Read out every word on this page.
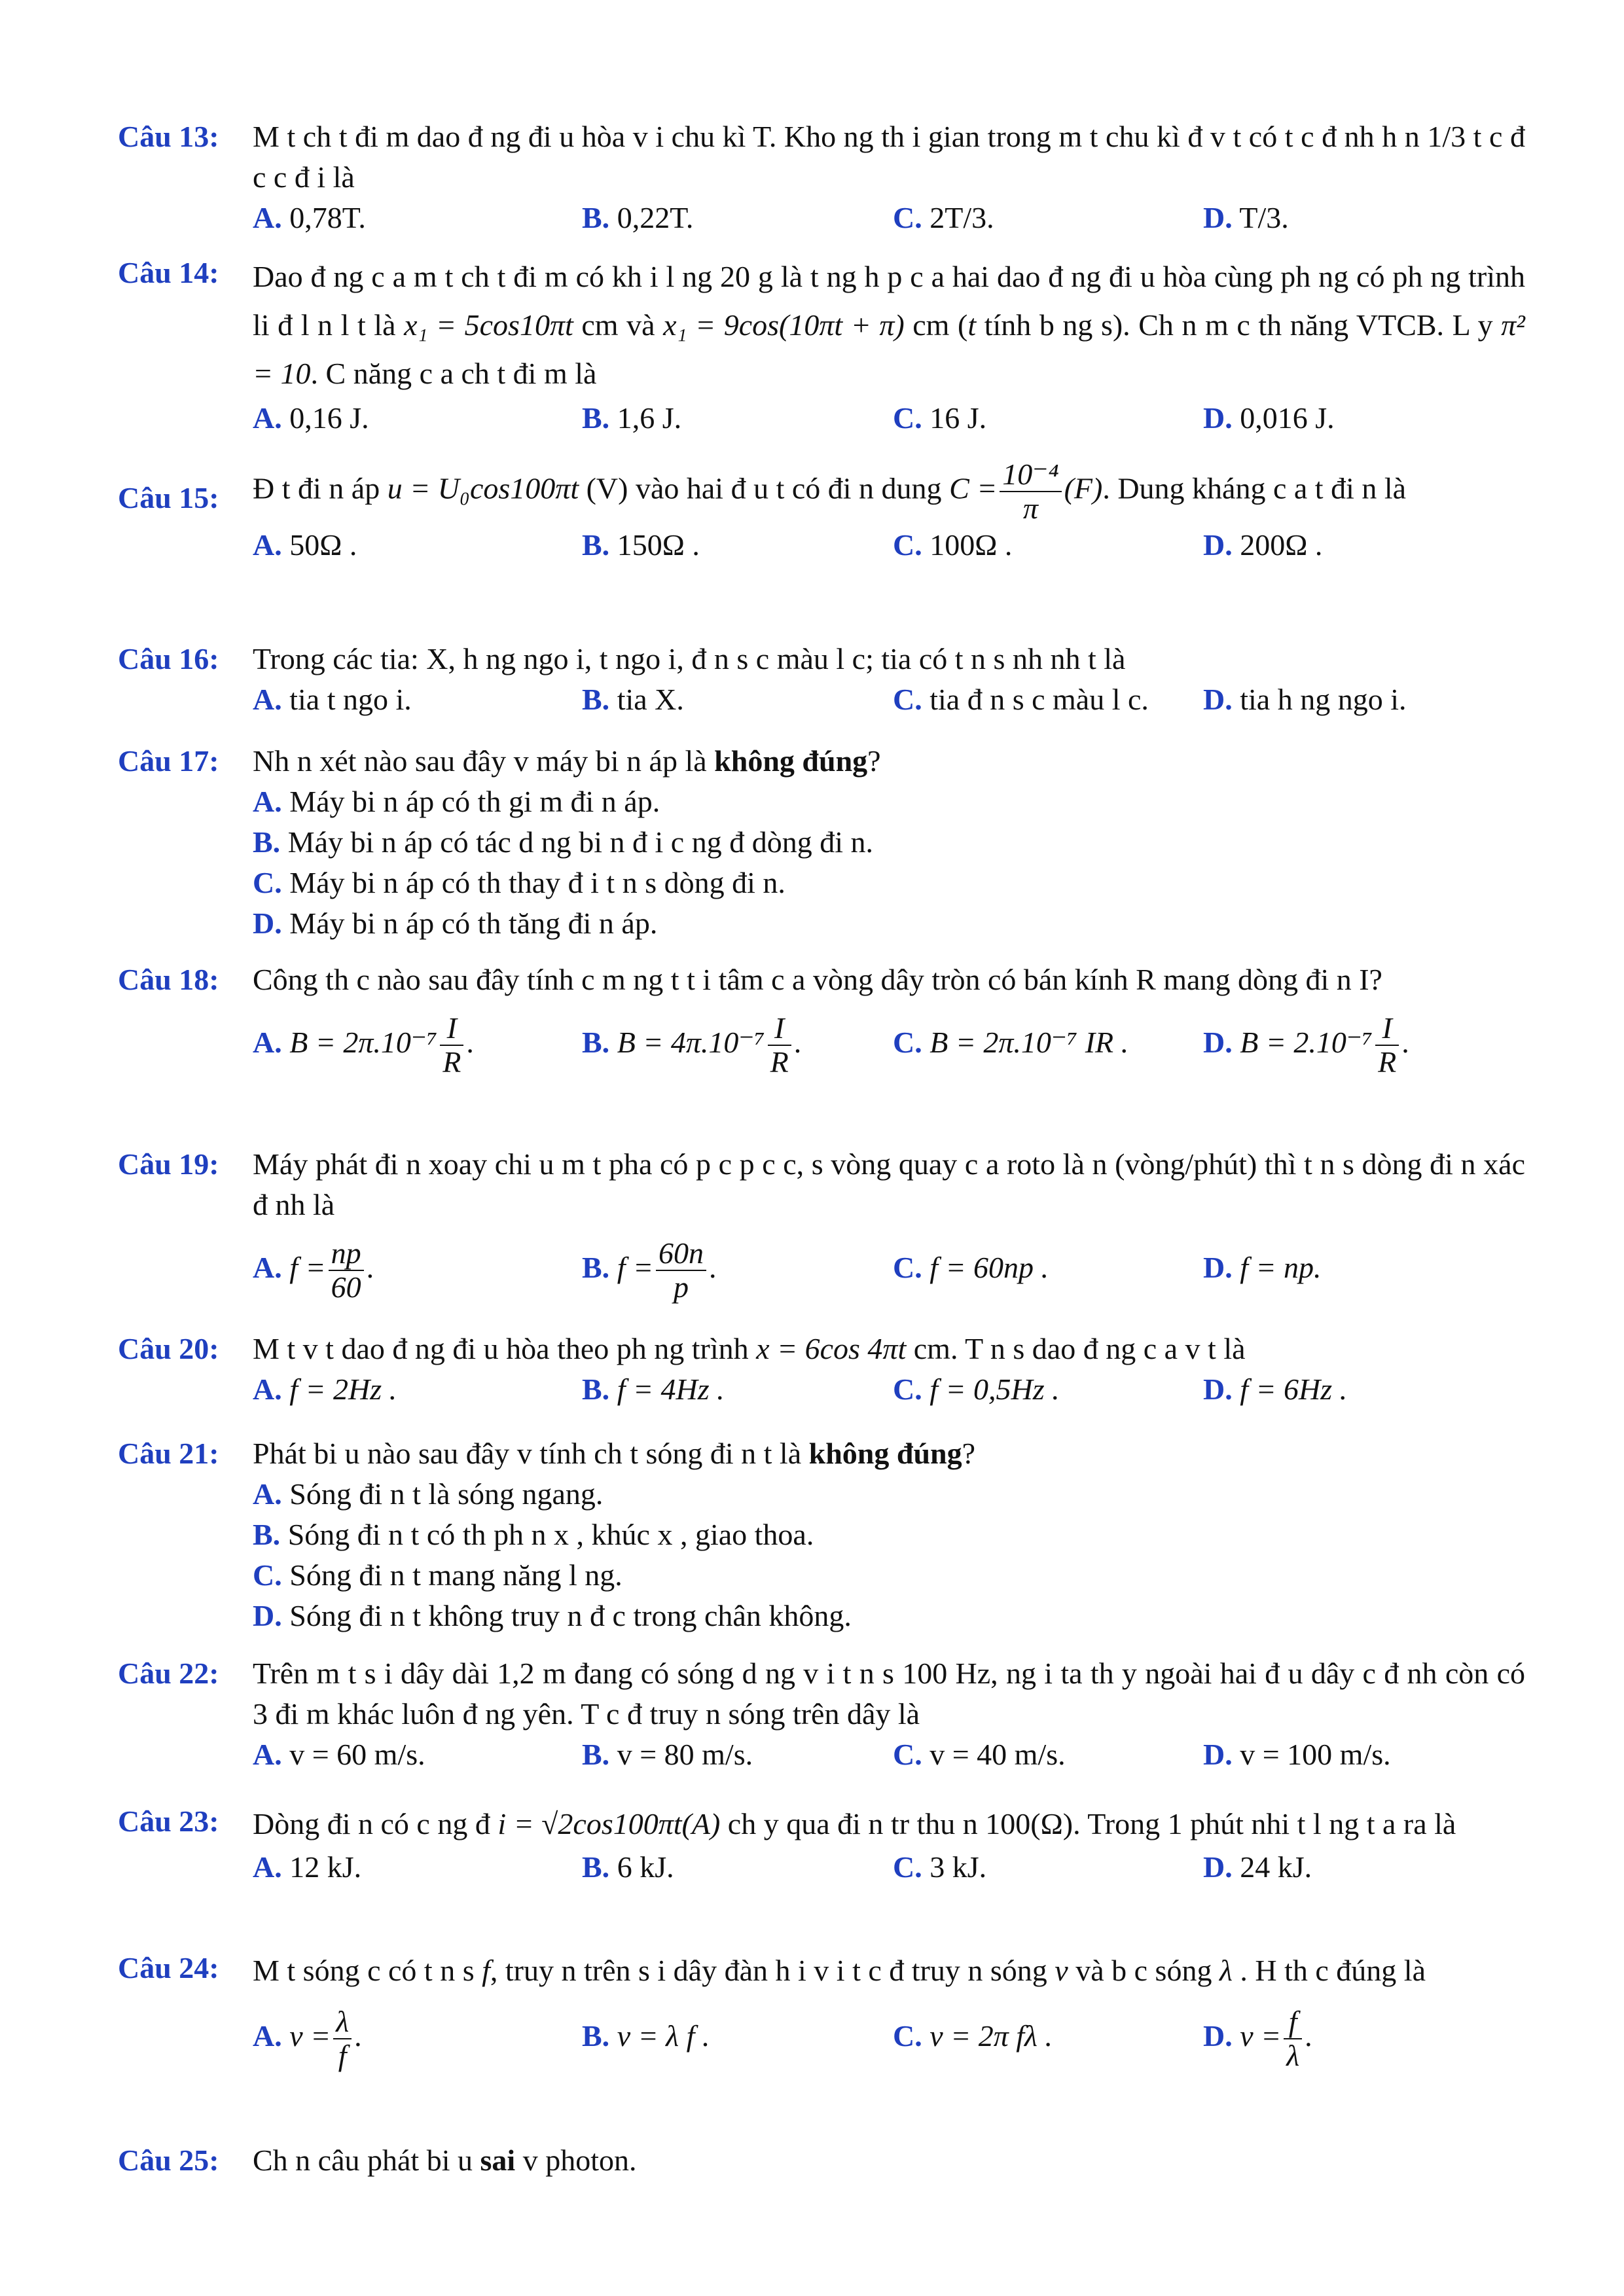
Câu 13: M t ch t đi m dao đ ng đi u hòa v i chu kì T. Kho ng th i gian trong m t chu kì đ v t có t c đ nh h n 1/3 t c đ c c đ i là
A. 0,78T.	B. 0,22T.	C. 2T/3.	D. T/3.
Câu 14: Dao đ ng c a m t ch t đi m có kh i l ng 20 g là t ng h p c a hai dao đ ng đi u hòa cùng ph ng có ph ng trình li đ l n l t là x₁ = 5cos10πt cm và x₁ = 9cos(10πt + π) cm (t tính b ng s). Ch n m c th năng VTCB. L y π² = 10. C năng c a ch t đi m là
A. 0,16 J.	B. 1,6 J.	C. 16 J.	D. 0,016 J.
Câu 15: Đ t đi n áp u = U₀cos100πt (V) vào hai đ u t có đi n dung $C = \frac{\text{10⁻⁴}}{\pi} (F)$. Dung kháng c a t đi n là
A. 50Ω .	B. 150Ω .	C. 100Ω .	D. 200Ω .
Câu 16: Trong các tia: X, h ng ngo i, t ngo i, đ n s c màu l c; tia có t n s nh nh t là
A. tia t ngo i.	B. tia X.	C. tia đ n s c màu l c. D. tia h ng ngo i.
Câu 17: Nh n xét nào sau đây v máy bi n áp là không đúng?
A. Máy bi n áp có th gi m đi n áp.
B. Máy bi n áp có tác d ng bi n đ i c ng đ dòng đi n.
C. Máy bi n áp có th thay đ i t n s dòng đi n.
D. Máy bi n áp có th tăng đi n áp.
Câu 18: Công th c nào sau đây tính c m ng t t i tâm c a vòng dây tròn có bán kính R mang dòng đi n I?
A. $B = 2\pi.10^{-7} \frac{I}{R}$ .	B. $B = 4\pi.10^{-7} \frac{I}{R}$ .	C. B = 2π.10⁻⁷ IR . D. $B = 2.10^{-7} \frac{I}{R}$ .
Câu 19: Máy phát đi n xoay chi u m t pha có p c p c c, s vòng quay c a roto là n (vòng/phút) thì t n s dòng đi n xác đ nh là
A. $f = \frac{np}{60}$ .	B. $f = \frac{60n}{p}$ .	C. f = 60np .	D. f = np.
Câu 20: M t v t dao đ ng đi u hòa theo ph ng trình x = 6cos 4πt cm. T n s dao đ ng c a v t là
A. f = 2Hz .	B. f = 4Hz .	C. f = 0,5Hz .	D. f = 6Hz .
Câu 21: Phát bi u nào sau đây v tính ch t sóng đi n t là không đúng?
A. Sóng đi n t là sóng ngang.
B. Sóng đi n t có th ph n x , khúc x , giao thoa.
C. Sóng đi n t mang năng l ng.
D. Sóng đi n t không truy n đ c trong chân không.
Câu 22: Trên m t s i dây dài 1,2 m đang có sóng d ng v i t n s 100 Hz, ng i ta th y ngoài hai đ u dây c đ nh còn có 3 đi m khác luôn đ ng yên. T c đ truy n sóng trên dây là
A. v = 60 m/s.	B. v = 80 m/s.	C. v = 40 m/s.	D. v = 100 m/s.
Câu 23: Dòng đi n có c ng đ i = √2cos100πt(A) ch y qua đi n tr thu n 100(Ω). Trong 1 phút nhi t l ng t a ra là
A. 12 kJ.	B. 6 kJ.	C. 3 kJ.	D. 24 kJ.
Câu 24: M t sóng c có t n s f, truy n trên s i dây đàn h i v i t c đ truy n sóng v và b c sóng λ . H th c đúng là
A. $v = \frac{\lambda}{f}$ .	B. v = λ f .	C. v = 2π fλ .	D. $v = \frac{f}{\lambda}$ .
Câu 25: Ch n câu phát bi u sai v photon.
